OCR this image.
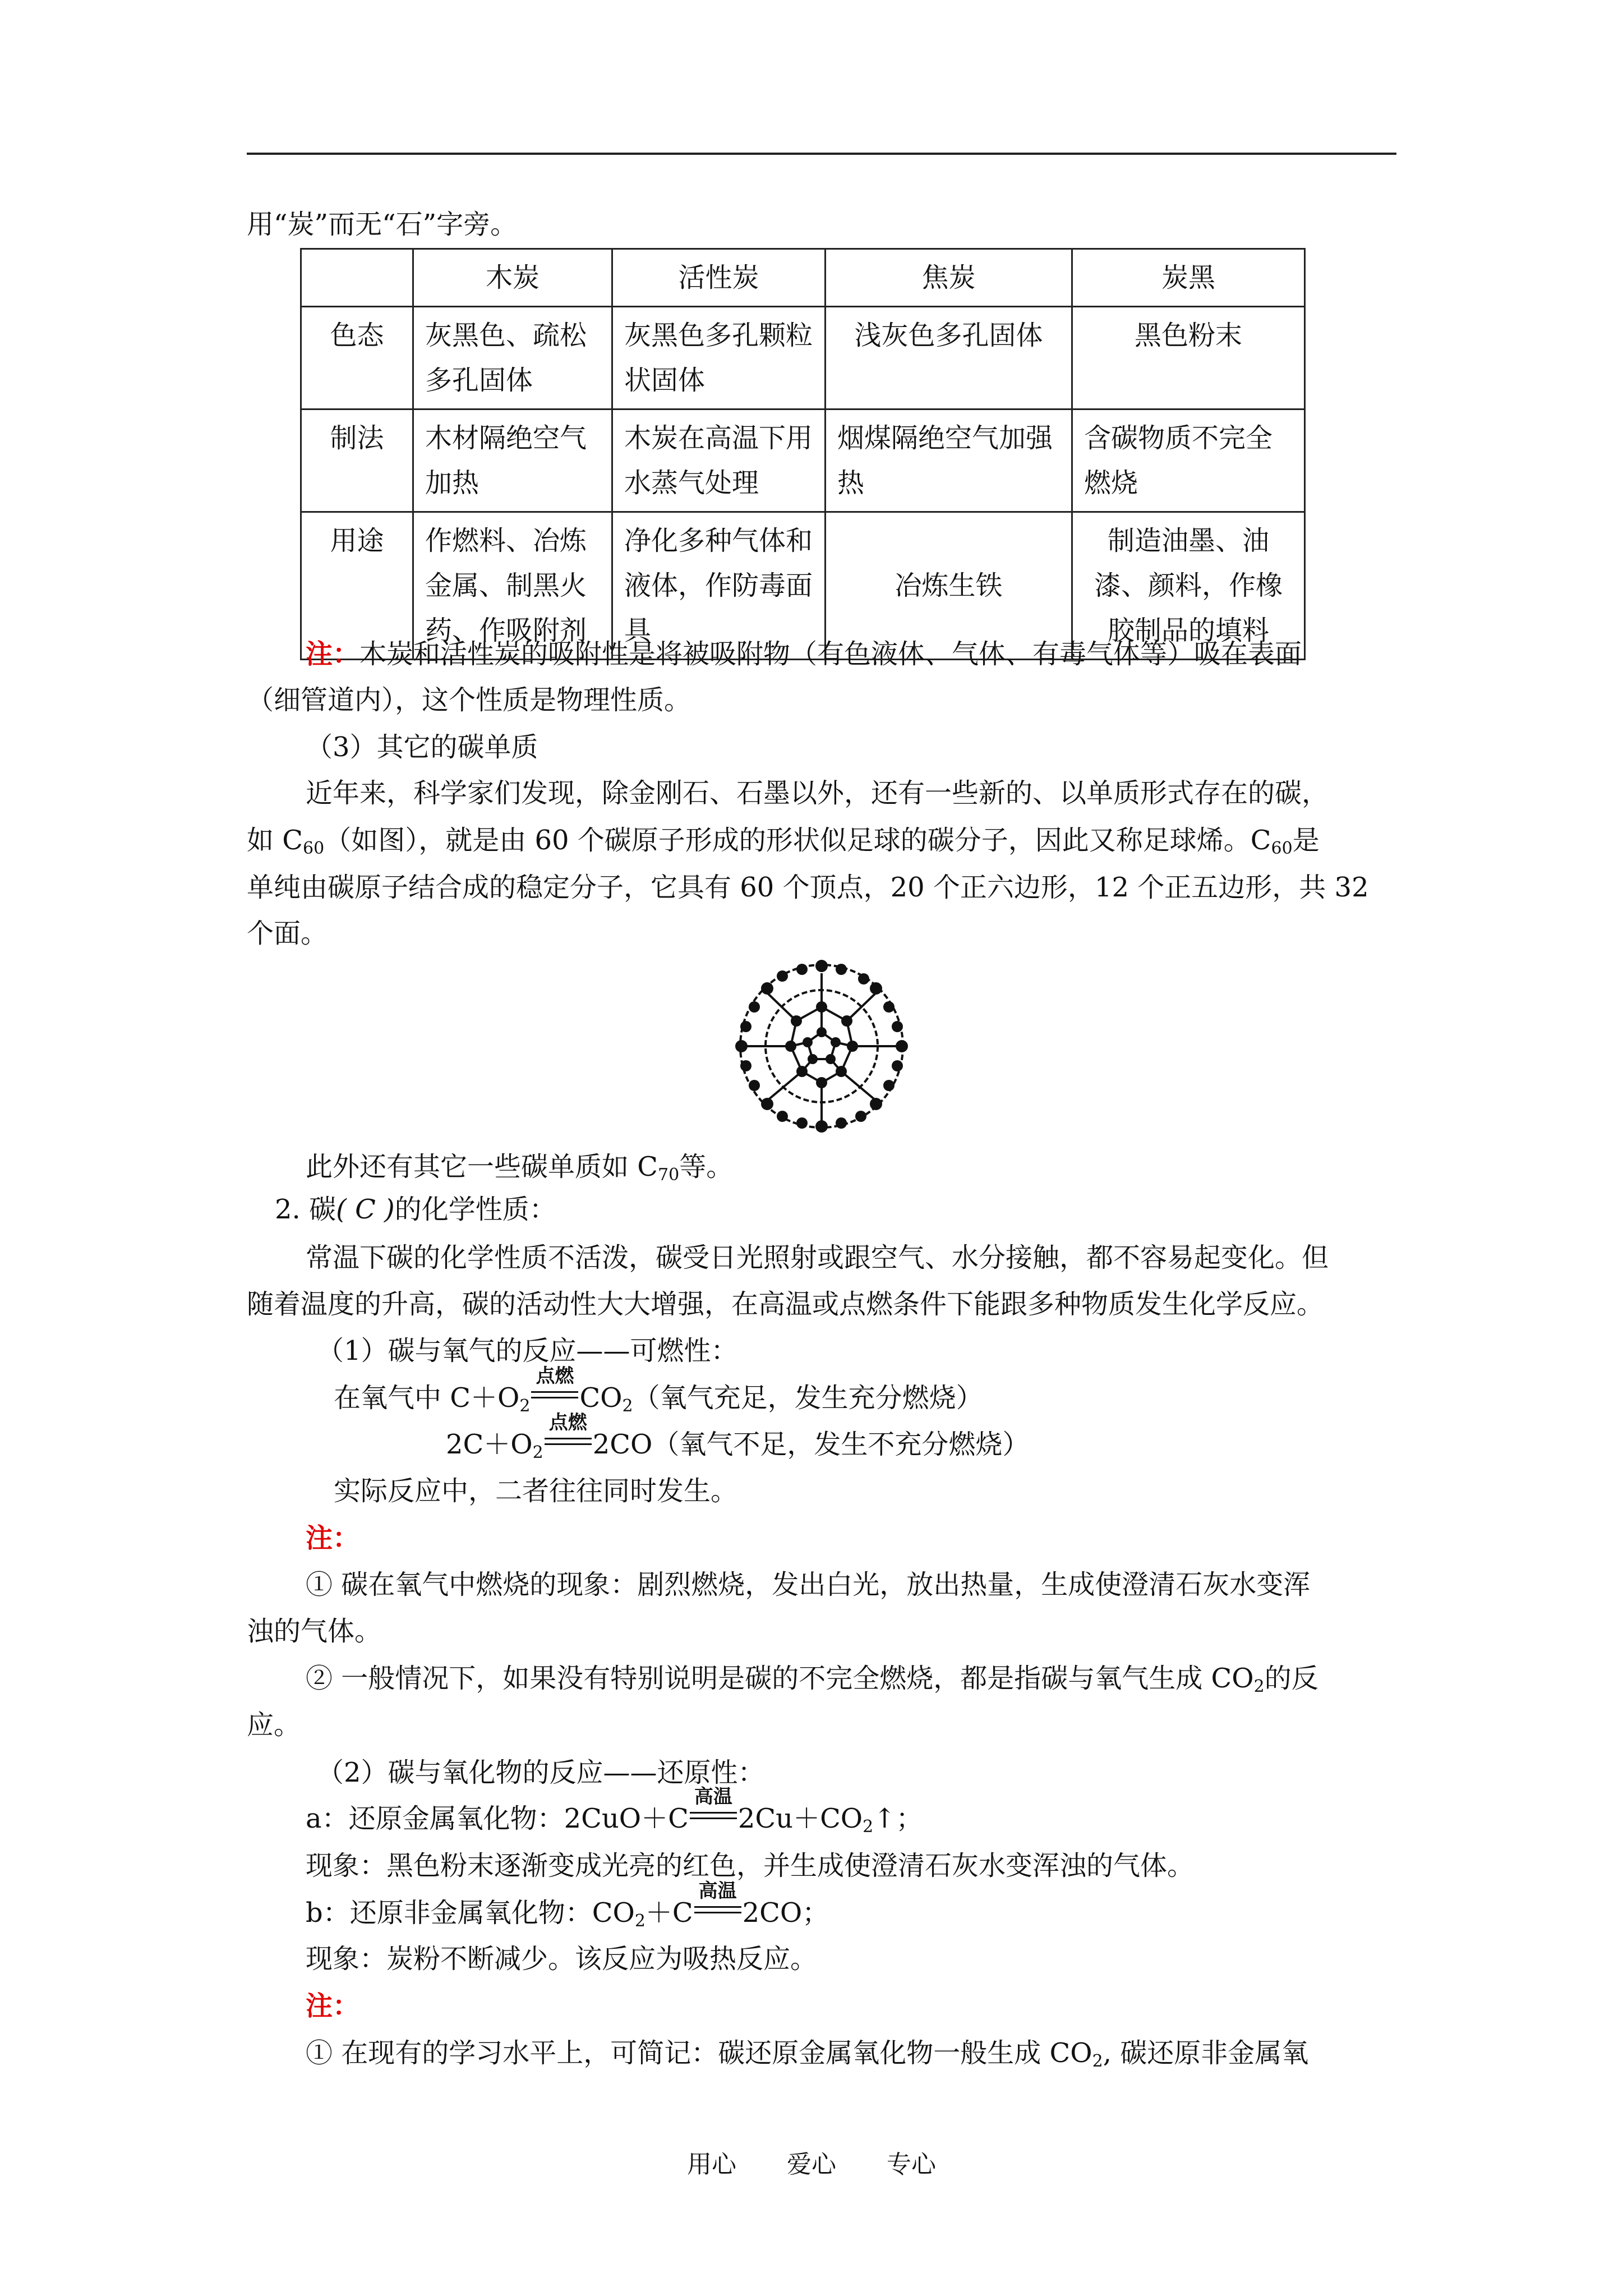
用“炭”而无“石”字旁。
	木炭	活性炭	焦炭	炭黑
色态	灰黑色、疏松多孔固体	灰黑色多孔颗粒状固体	浅灰色多孔固体	黑色粉末
制法	木材隔绝空气加热	木炭在高温下用水蒸气处理	烟煤隔绝空气加强热	含碳物质不完全燃烧
用途	作燃料、冶炼金属、制黑火药、作吸附剂	净化多种气体和液体，作防毒面具	冶炼生铁	制造油墨、油漆、颜料，作橡胶制品的填料
注：木炭和活性炭的吸附性是将被吸附物（有色液体、气体、有毒气体等）吸在表面
（细管道内），这个性质是物理性质。
（3）其它的碳单质
近年来，科学家们发现，除金刚石、石墨以外，还有一些新的、以单质形式存在的碳，
如 $C_{60}$（如图），就是由 60 个碳原子形成的形状似足球的碳分子，因此又称足球烯。$C_{60}$是
单纯由碳原子结合成的稳定分子，它具有 60 个顶点，20 个正六边形，12 个正五边形，共 32
个面。
此外还有其它一些碳单质如 $C_{70}$等。
2. 碳( C )的化学性质：
常温下碳的化学性质不活泼，碳受日光照射或跟空气、水分接触，都不容易起变化。但
随着温度的升高，碳的活动性大大增强，在高温或点燃条件下能跟多种物质发生化学反应。
（1）碳与氧气的反应——可燃性：
在氧气中 $C+O_2$
点燃
$CO_2$（氧气充足，发生充分燃烧）
$2C+O_2$
点燃
2CO（氧气不足，发生不充分燃烧）
实际反应中，二者往往同时发生。
注：
① 碳在氧气中燃烧的现象：剧烈燃烧，发出白光，放出热量，生成使澄清石灰水变浑
浊的气体。
② 一般情况下，如果没有特别说明是碳的不完全燃烧，都是指碳与氧气生成 $CO_2$的反
应。
（2）碳与氧化物的反应——还原性：
a：还原金属氧化物：2CuO＋C
高温
$2Cu+CO_2↑$；
现象：黑色粉末逐渐变成光亮的红色，并生成使澄清石灰水变浑浊的气体。
b：还原非金属氧化物：$CO_2+C$
高温
2CO；
现象：炭粉不断减少。该反应为吸热反应。
注：
① 在现有的学习水平上，可简记：碳还原金属氧化物一般生成 $CO_2$, 碳还原非金属氧
用心 爱心 专心
